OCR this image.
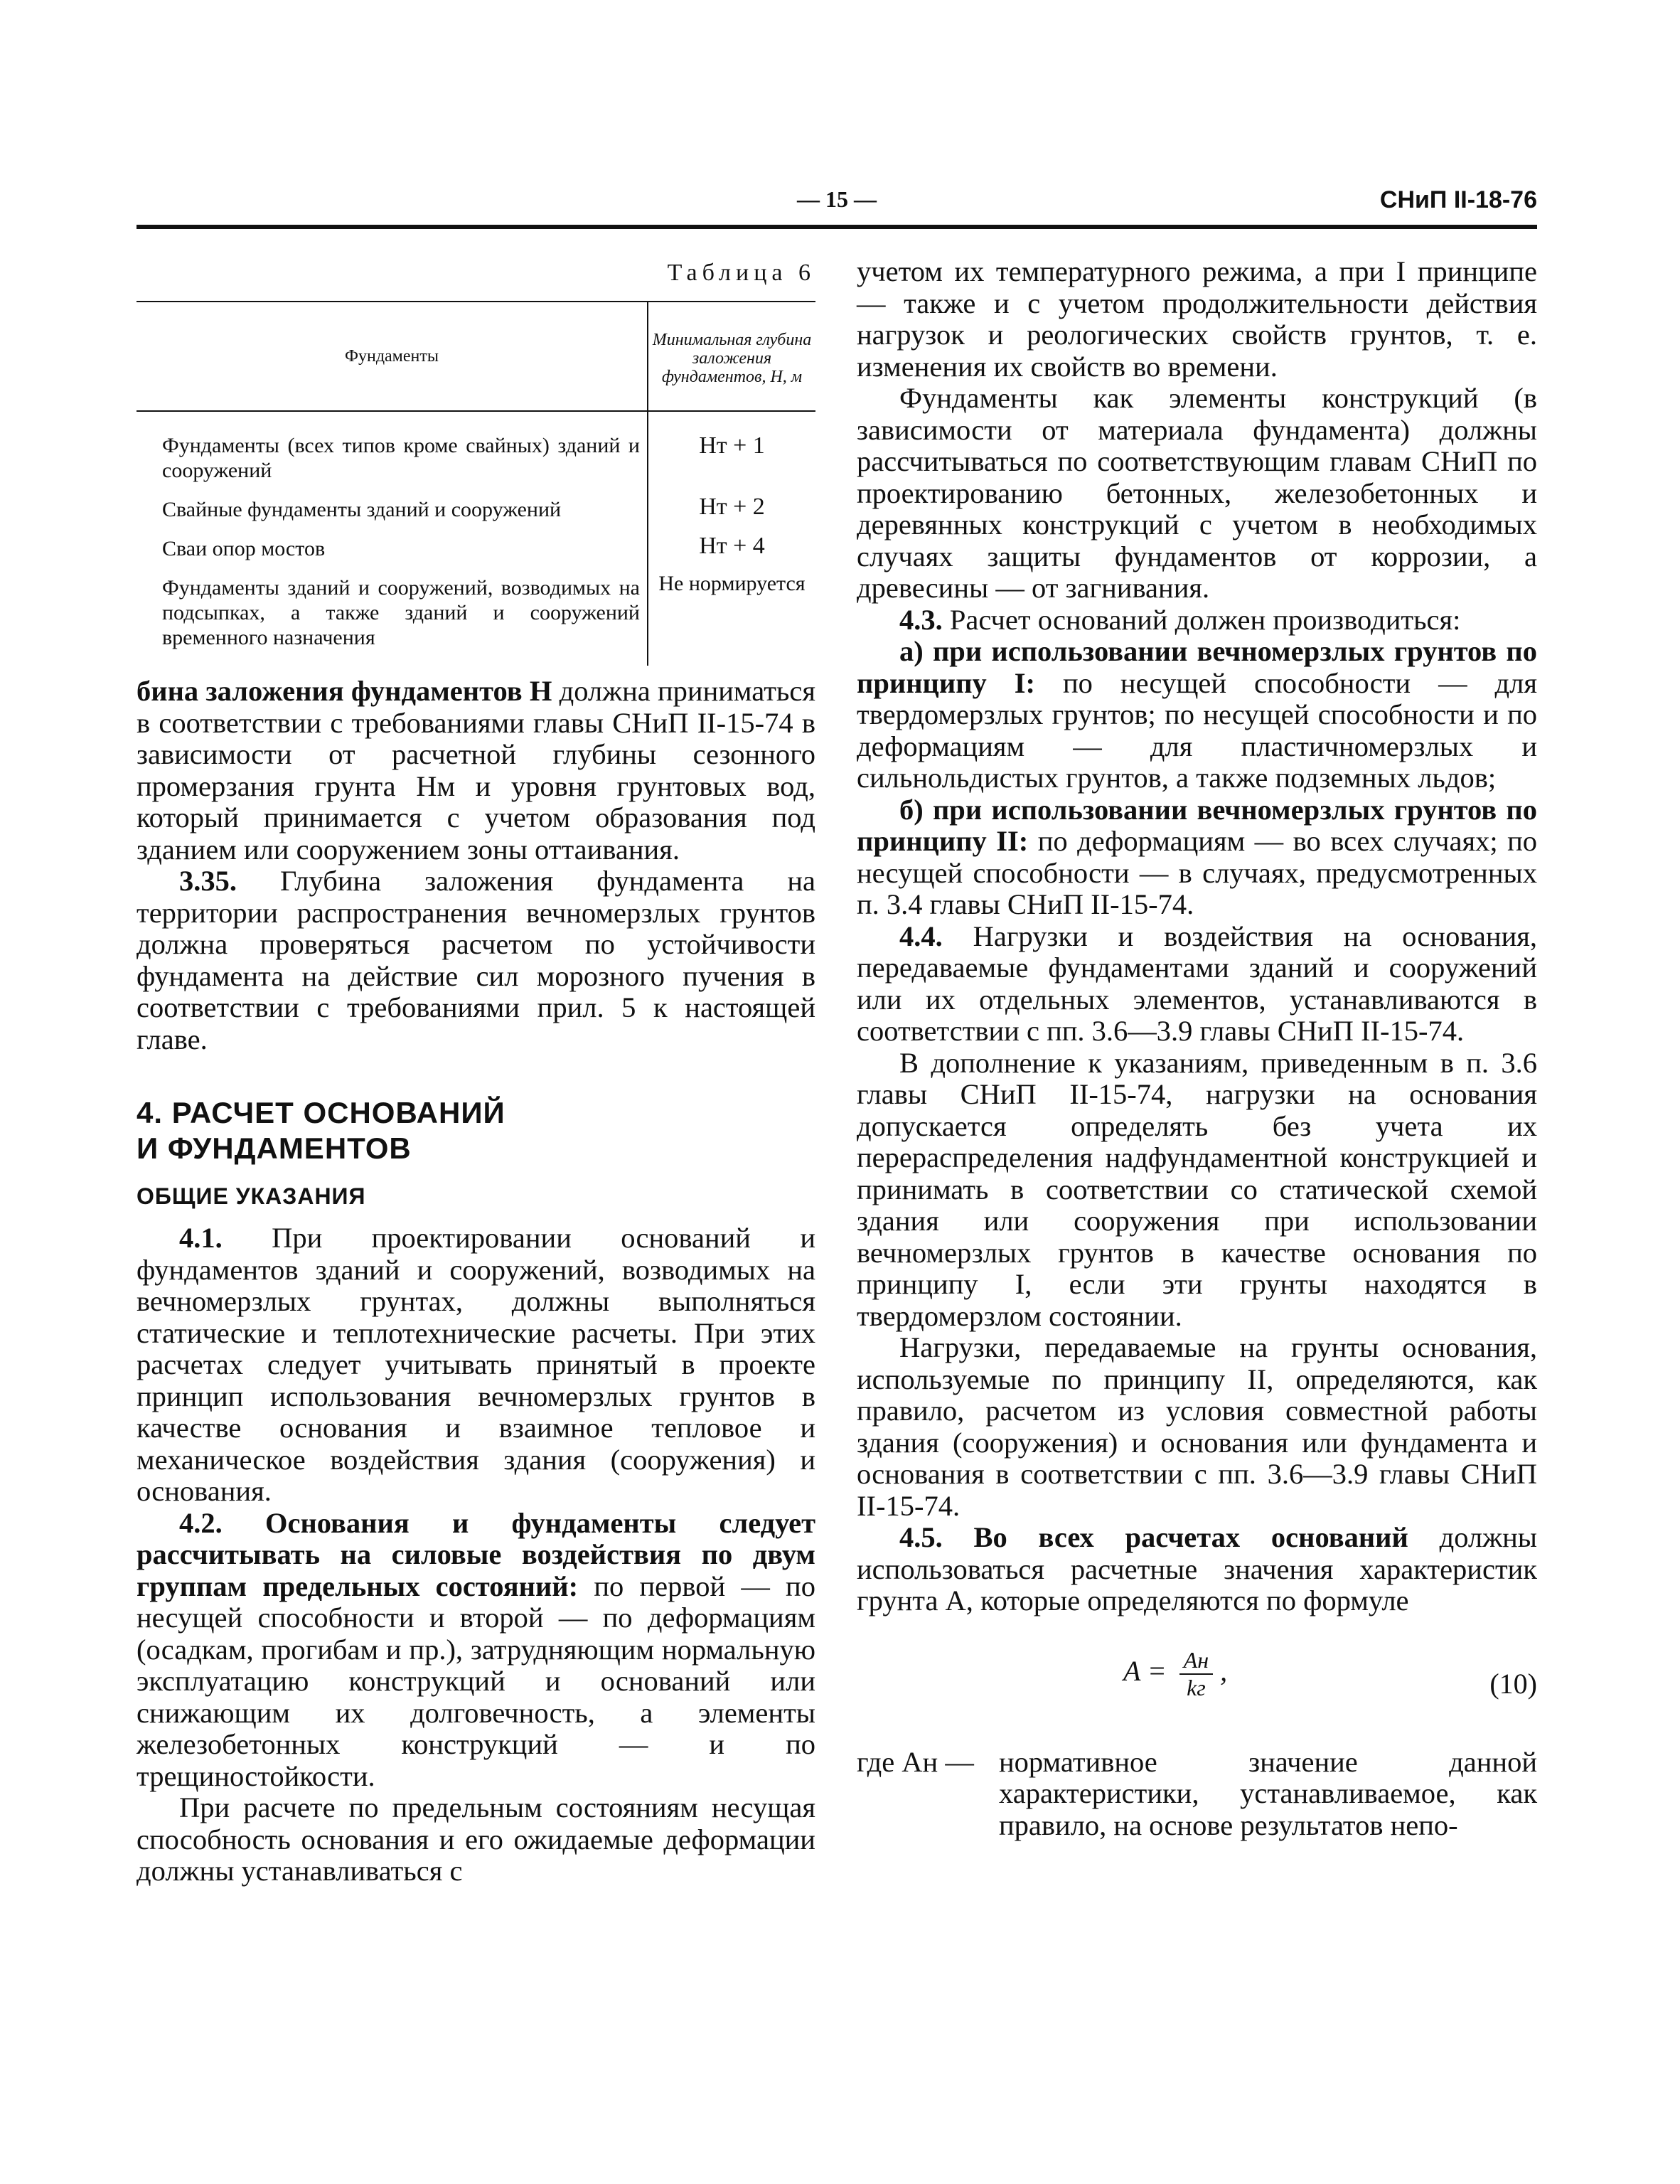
— 15 —	СНиП II-18-76
Таблица 6
Фундаменты	Минимальная глубина заложения фундаментов, H, м
Фундаменты (всех типов кроме свайных) зданий и сооружений	Hт + 1
Свайные фундаменты зданий и сооружений	Hт + 2
Сваи опор мостов	Hт + 4
Фундаменты зданий и сооружений, возводимых на подсыпках, а также зданий и сооружений временного назначения	Не нормируется

бина заложения фундаментов H должна приниматься в соответствии с требованиями главы СНиП II-15-74 в зависимости от расчетной глубины сезонного промерзания грунта Hм и уровня грунтовых вод, который принимается с учетом образования под зданием или сооружением зоны оттаивания.

3.35. Глубина заложения фундамента на территории распространения вечномерзлых грунтов должна проверяться расчетом по устойчивости фундамента на действие сил морозного пучения в соответствии с требованиями прил. 5 к настоящей главе.

4. РАСЧЕТ ОСНОВАНИЙ
И ФУНДАМЕНТОВ
ОБЩИЕ УКАЗАНИЯ

4.1. При проектировании оснований и фундаментов зданий и сооружений, возводимых на вечномерзлых грунтах, должны выполняться статические и теплотехнические расчеты. При этих расчетах следует учитывать принятый в проекте принцип использования вечномерзлых грунтов в качестве основания и взаимное тепловое и механическое воздействия здания (сооружения) и основания.

4.2. Основания и фундаменты следует рассчитывать на силовые воздействия по двум группам предельных состояний: по первой — по несущей способности и второй — по деформациям (осадкам, прогибам и пр.), затрудняющим нормальную эксплуатацию конструкций и оснований или снижающим их долговечность, а элементы железобетонных конструкций — и по трещиностойкости.

При расчете по предельным состояниям несущая способность основания и его ожидаемые деформации должны устанавливаться с

учетом их температурного режима, а при I принципе — также и с учетом продолжительности действия нагрузок и реологических свойств грунтов, т. е. изменения их свойств во времени.

Фундаменты как элементы конструкций (в зависимости от материала фундамента) должны рассчитываться по соответствующим главам СНиП по проектированию бетонных, железобетонных и деревянных конструкций с учетом в необходимых случаях защиты фундаментов от коррозии, а древесины — от загнивания.

4.3. Расчет оснований должен производиться:

а) при использовании вечномерзлых грунтов по принципу I: по несущей способности — для твердомерзлых грунтов; по несущей способности и по деформациям — для пластичномерзлых и сильнольдистых грунтов, а также подземных льдов;

б) при использовании вечномерзлых грунтов по принципу II: по деформациям — во всех случаях; по несущей способности — в случаях, предусмотренных п. 3.4 главы СНиП II-15-74.

4.4. Нагрузки и воздействия на основания, передаваемые фундаментами зданий и сооружений или их отдельных элементов, устанавливаются в соответствии с пп. 3.6—3.9 главы СНиП II-15-74.

В дополнение к указаниям, приведенным в п. 3.6 главы СНиП II-15-74, нагрузки на основания допускается определять без учета их перераспределения надфундаментной конструкцией и принимать в соответствии со статической схемой здания или сооружения при использовании вечномерзлых грунтов в качестве основания по принципу I, если эти грунты находятся в твердомерзлом состоянии.

Нагрузки, передаваемые на грунты основания, используемые по принципу II, определяются, как правило, расчетом из условия совместной работы здания (сооружения) и основания или фундамента и основания в соответствии с пп. 3.6—3.9 главы СНиП II-15-74.

4.5. Во всех расчетах оснований должны использоваться расчетные значения характеристик грунта A, которые определяются по формуле

$A = \frac{Aн}{kг}$ ,	(10)
где Aн — нормативное значение данной характеристики, устанавливаемое, как правило, на основе результатов непо-
